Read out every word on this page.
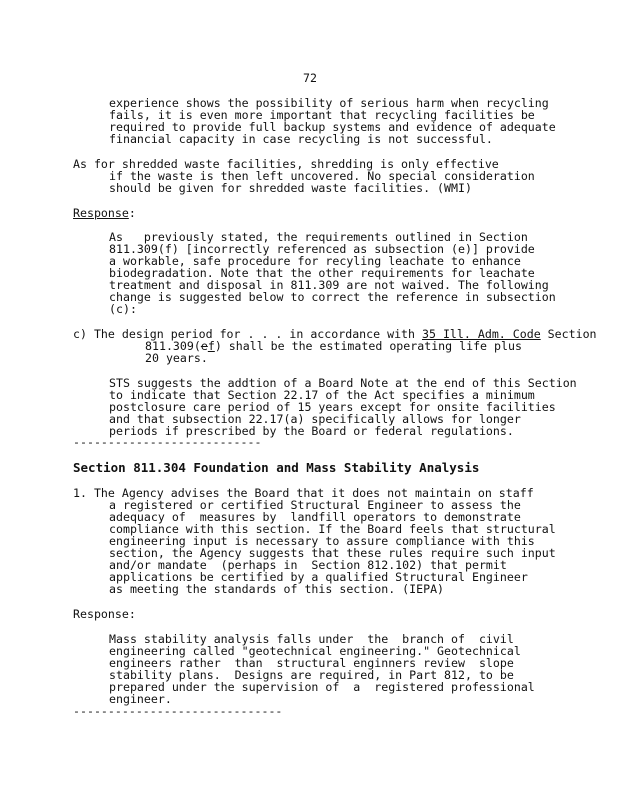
72
experience shows the possibility of serious harm when recycling
fails, it is even more important that recycling facilities be
required to provide full backup systems and evidence of adequate
financial capacity in case recycling is not successful.
As for shredded waste facilities, shredding is only effective
if the waste is then left uncovered. No special consideration
should be given for shredded waste facilities. (WMI)
Response:
As   previously stated, the requirements outlined in Section
811.309(f) [incorrectly referenced as subsection (e)] provide
a workable, safe procedure for recyling leachate to enhance
biodegradation. Note that the other requirements for leachate
treatment and disposal in 811.309 are not waived. The following
change is suggested below to correct the reference in subsection
(c):
c) The design period for . . . in accordance with 35 Ill. Adm. Code Section
811.309(ef) shall be the estimated operating life plus
20 years.
STS suggests the addtion of a Board Note at the end of this Section
to indicate that Section 22.17 of the Act specifies a minimum
postclosure care period of 15 years except for onsite facilities
and that subsection 22.17(a) specifically allows for longer
periods if prescribed by the Board or federal regulations.
---------------------------
Section 811.304 Foundation and Mass Stability Analysis
1. The Agency advises the Board that it does not maintain on staff
a registered or certified Structural Engineer to assess the
adequacy of  measures by  landfill operators to demonstrate
compliance with this section. If the Board feels that structural
engineering input is necessary to assure compliance with this
section, the Agency suggests that these rules require such input
and/or mandate  (perhaps in  Section 812.102) that permit
applications be certified by a qualified Structural Engineer
as meeting the standards of this section. (IEPA)
Response:
Mass stability analysis falls under  the  branch of  civil
engineering called "geotechnical engineering." Geotechnical
engineers rather  than  structural enginners review  slope
stability plans.  Designs are required, in Part 812, to be
prepared under the supervision of  a  registered professional
engineer.
------------------------------
